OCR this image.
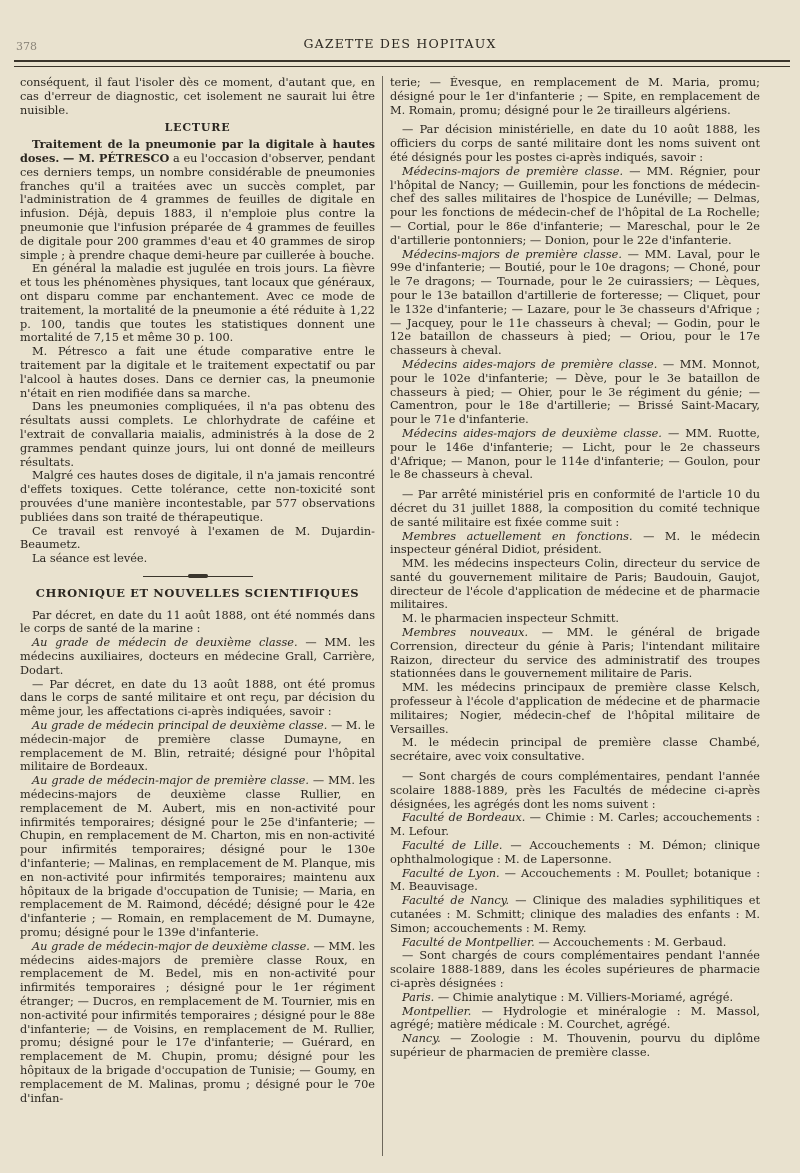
378	GAZETTE DES HOPITAUX

conséquent, il faut l'isoler dès ce moment, d'autant que, en cas d'erreur de diagnostic, cet isolement ne saurait lui être nuisible.

LECTURE

Traitement de la pneumonie par la digitale à hautes doses. — M. PÉTRESCO a eu l'occasion d'observer, pendant ces derniers temps, un nombre considérable de pneumonies franches qu'il a traitées avec un succès complet, par l'administration de 4 grammes de feuilles de digitale en infusion. Déjà, depuis 1883, il n'emploie plus contre la pneumonie que l'infusion préparée de 4 grammes de feuilles de digitale pour 200 grammes d'eau et 40 grammes de sirop simple ; à prendre chaque demi-heure par cuillerée à bouche.

En général la maladie est jugulée en trois jours. La fièvre et tous les phénomènes physiques, tant locaux que généraux, ont disparu comme par enchantement. Avec ce mode de traitement, la mortalité de la pneumonie a été réduite à 1,22 p. 100, tandis que toutes les statistiques donnent une mortalité de 7,15 et même 30 p. 100.

M. Pétresco a fait une étude comparative entre le traitement par la digitale et le traitement expectatif ou par l'alcool à hautes doses. Dans ce dernier cas, la pneumonie n'était en rien modifiée dans sa marche.

Dans les pneumonies compliquées, il n'a pas obtenu des résultats aussi complets. Le chlorhydrate de caféine et l'extrait de convallaria maialis, administrés à la dose de 2 grammes pendant quinze jours, lui ont donné de meilleurs résultats.

Malgré ces hautes doses de digitale, il n'a jamais rencontré d'effets toxiques. Cette tolérance, cette non-toxicité sont prouvées d'une manière incontestable, par 577 observations publiées dans son traité de thérapeutique.

Ce travail est renvoyé à l'examen de M. Dujardin-Beaumetz.

La séance est levée.

CHRONIQUE ET NOUVELLES SCIENTIFIQUES

Par décret, en date du 11 août 1888, ont été nommés dans le corps de santé de la marine :

Au grade de médecin de deuxième classe. — MM. les médecins auxiliaires, docteurs en médecine Grall, Carrière, Dodart.

— Par décret, en date du 13 août 1888, ont été promus dans le corps de santé militaire et ont reçu, par décision du même jour, les affectations ci-après indiquées, savoir :

Au grade de médecin principal de deuxième classe. — M. le médecin-major de première classe Dumayne, en remplacement de M. Blin, retraité; désigné pour l'hôpital militaire de Bordeaux.

Au grade de médecin-major de première classe. — MM. les médecins-majors de deuxième classe Rullier, en remplacement de M. Aubert, mis en non-activité pour infirmités temporaires; désigné pour le 25e d'infanterie; — Chupin, en remplacement de M. Charton, mis en non-activité pour infirmités temporaires; désigné pour le 130e d'infanterie; — Malinas, en remplacement de M. Planque, mis en non-activité pour infirmités temporaires; maintenu aux hôpitaux de la brigade d'occupation de Tunisie; — Maria, en remplacement de M. Raimond, décédé; désigné pour le 42e d'infanterie ; — Romain, en remplacement de M. Dumayne, promu; désigné pour le 139e d'infanterie.

Au grade de médecin-major de deuxième classe. — MM. les médecins aides-majors de première classe Roux, en remplacement de M. Bedel, mis en non-activité pour infirmités temporaires ; désigné pour le 1er régiment étranger; — Ducros, en remplacement de M. Tournier, mis en non-activité pour infirmités temporaires ; désigné pour le 88e d'infanterie; — de Voisins, en remplacement de M. Rullier, promu; désigné pour le 17e d'infanterie; — Guérard, en remplacement de M. Chupin, promu; désigné pour les hôpitaux de la brigade d'occupation de Tunisie; — Goumy, en remplacement de M. Malinas, promu ; désigné pour le 70e d'infan-

terie; — Évesque, en remplacement de M. Maria, promu; désigné pour le 1er d'infanterie ; — Spite, en remplacement de M. Romain, promu; désigné pour le 2e tirailleurs algériens.

— Par décision ministérielle, en date du 10 août 1888, les officiers du corps de santé militaire dont les noms suivent ont été désignés pour les postes ci-après indiqués, savoir :

Médecins-majors de première classe. — MM. Régnier, pour l'hôpital de Nancy; — Guillemin, pour les fonctions de médecin-chef des salles militaires de l'hospice de Lunéville; — Delmas, pour les fonctions de médecin-chef de l'hôpital de La Rochelle; — Cortial, pour le 86e d'infanterie; — Mareschal, pour le 2e d'artillerie pontonniers; — Donion, pour le 22e d'infanterie.

Médecins-majors de première classe. — MM. Laval, pour le 99e d'infanterie; — Boutié, pour le 10e dragons; — Choné, pour le 7e dragons; — Tournade, pour le 2e cuirassiers; — Lèques, pour le 13e bataillon d'artillerie de forteresse; — Cliquet, pour le 132e d'infanterie; — Lazare, pour le 3e chasseurs d'Afrique ; — Jacquey, pour le 11e chasseurs à cheval; — Godin, pour le 12e bataillon de chasseurs à pied; — Oriou, pour le 17e chasseurs à cheval.

Médecins aides-majors de première classe. — MM. Monnot, pour le 102e d'infanterie; — Dève, pour le 3e bataillon de chasseurs à pied; — Ohier, pour le 3e régiment du génie; — Camentron, pour le 18e d'artillerie; — Brissé Saint-Macary, pour le 71e d'infanterie.

Médecins aides-majors de deuxième classe. — MM. Ruotte, pour le 146e d'infanterie; — Licht, pour le 2e chasseurs d'Afrique; — Manon, pour le 114e d'infanterie; — Goulon, pour le 8e chasseurs à cheval.

— Par arrêté ministériel pris en conformité de l'article 10 du décret du 31 juillet 1888, la composition du comité technique de santé militaire est fixée comme suit :

Membres actuellement en fonctions. — M. le médecin inspecteur général Didiot, président.

MM. les médecins inspecteurs Colin, directeur du service de santé du gouvernement militaire de Paris; Baudouin, Gaujot, directeur de l'école d'application de médecine et de pharmacie militaires.

M. le pharmacien inspecteur Schmitt.

Membres nouveaux. — MM. le général de brigade Corrension, directeur du génie à Paris; l'intendant militaire Raizon, directeur du service des administratif des troupes stationnées dans le gouvernement militaire de Paris.

MM. les médecins principaux de première classe Kelsch, professeur à l'école d'application de médecine et de pharmacie militaires; Nogier, médecin-chef de l'hôpital militaire de Versailles.

M. le médecin principal de première classe Chambé, secrétaire, avec voix consultative.

— Sont chargés de cours complémentaires, pendant l'année scolaire 1888-1889, près les Facultés de médecine ci-après désignées, les agrégés dont les noms suivent :

Faculté de Bordeaux. — Chimie : M. Carles; accouchements : M. Lefour.

Faculté de Lille. — Accouchements : M. Démon; clinique ophthalmologique : M. de Lapersonne.

Faculté de Lyon. — Accouchements : M. Poullet; botanique : M. Beauvisage.

Faculté de Nancy. — Clinique des maladies syphilitiques et cutanées : M. Schmitt; clinique des maladies des enfants : M. Simon; accouchements : M. Remy.

Faculté de Montpellier. — Accouchements : M. Gerbaud.

— Sont chargés de cours complémentaires pendant l'année scolaire 1888-1889, dans les écoles supérieures de pharmacie ci-après désignées :

Paris. — Chimie analytique : M. Villiers-Moriamé, agrégé.

Montpellier. — Hydrologie et minéralogie : M. Massol, agrégé; matière médicale : M. Courchet, agrégé.

Nancy. — Zoologie : M. Thouvenin, pourvu du diplôme supérieur de pharmacien de première classe.
